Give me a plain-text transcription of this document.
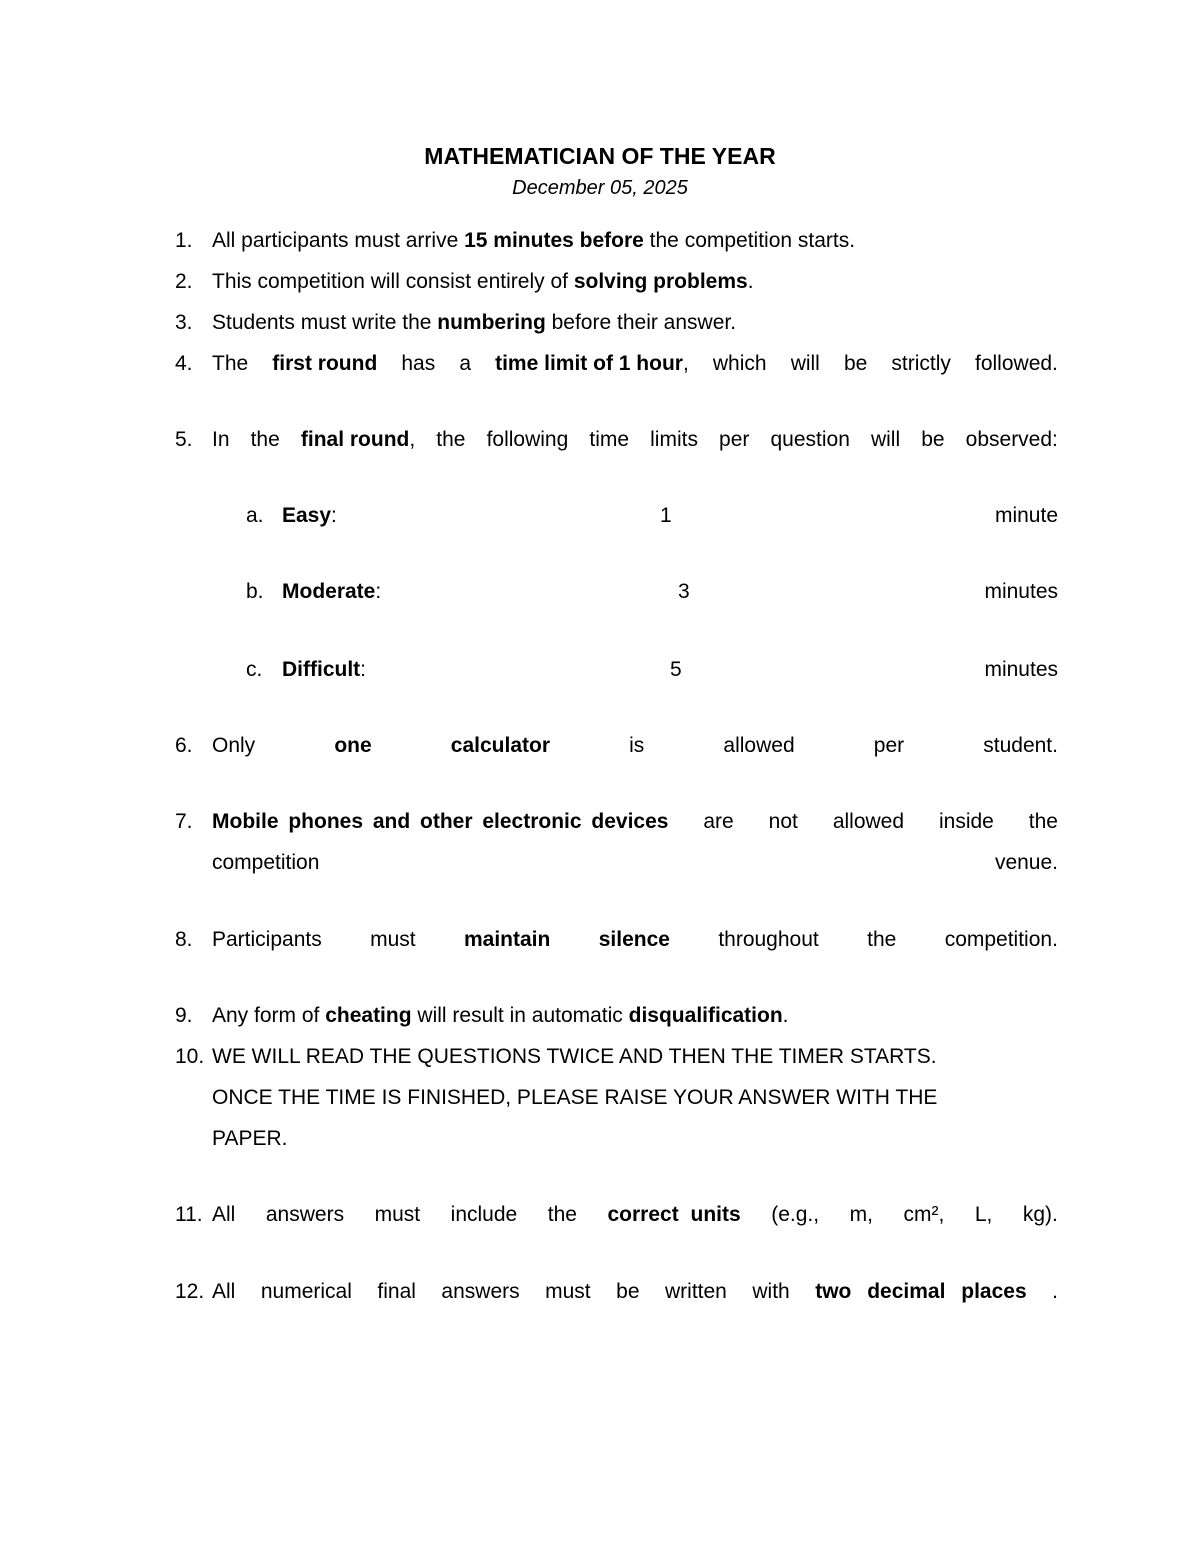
MATHEMATICIAN OF THE YEAR
December 05, 2025
1. All participants must arrive 15 minutes before the competition starts.
2. This competition will consist entirely of solving problems .
3. Students must write the numbering before their answer.
4. The first round has a time limit of 1 hour , which will be strictly followed.
5. In the final round , the following time limits per question will be observed:
a. Easy:	1	minute
b. Moderate:	3	minutes
c. Difficult:	5	minutes
6. Only	one	calculator	is	allowed	per	student.
7. Mobile phones and other electronic devices are not allowed inside the
competition	venue.
8. Participants must maintain silence throughout the competition.
9. Any form of cheating will result in automatic disqualification .
10. WE WILL READ THE QUESTIONS TWICE AND THEN THE TIMER STARTS.
ONCE THE TIME IS FINISHED, PLEASE RAISE YOUR ANSWER WITH THE
PAPER.
11. All answers must include the correct units (e.g., m, cm², L, kg).
12. All numerical final answers must be written with two decimal places .
